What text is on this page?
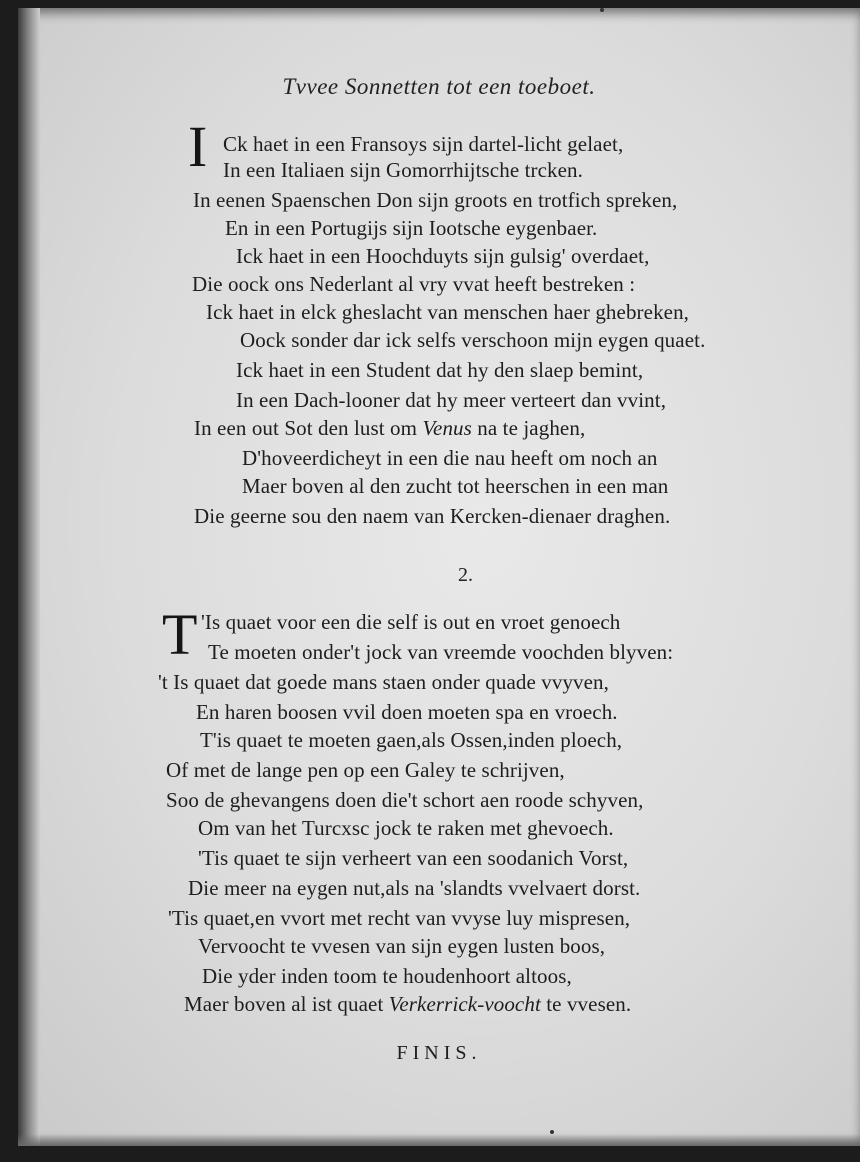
Tvvee Sonnetten tot een toeboet.
I Ck haet in een Fransoys sijn dartel-licht gelaet,
In een Italiaen sijn Gomorrhijtsche trcken.
In eenen Spaenschen Don sijn groots en trotfich spreken,
En in een Portugijs sijn Iootsche eygenbaer.
Ick haet in een Hoochduyts sijn gulsig' overdaet,
Die oock ons Nederlant al vry vvat heeft bestreken :
Ick haet in elck gheslacht van menschen haer ghebreken,
Oock sonder dar ick selfs verschoon mijn eygen quaet.
Ick haet in een Student dat hy den slaep bemint,
In een Dach-looner dat hy meer verteert dan vvint,
In een out Sot den lust om Venus na te jaghen,
D'hoveerdicheyt in een die nau heeft om noch an
Maer boven al den zucht tot heerschen in een man
Die geerne sou den naem van Kercken-dienaer draghen.
2.
T 'Is quaet voor een die self is out en vroet genoech
Te moeten onder't jock van vreemde voochden blyven:
't Is quaet dat goede mans staen onder quade vvyven,
En haren boosen vvil doen moeten spa en vroech.
T'is quaet te moeten gaen,als Ossen,inden ploech,
Of met de lange pen op een Galey te schrijven,
Soo de ghevangens doen die't schort aen roode schyven,
Om van het Turcxsc jock te raken met ghevoech.
'Tis quaet te sijn verheert van een soodanich Vorst,
Die meer na eygen nut,als na 'slandts vvelvaert dorst.
'Tis quaet,en vvort met recht van vvyse luy mispresen,
Vervoocht te vvesen van sijn eygen lusten boos,
Die yder inden toom te houdenhoort altoos,
Maer boven al ist quaet Verkerrick-voocht te vvesen.
FINIS.
